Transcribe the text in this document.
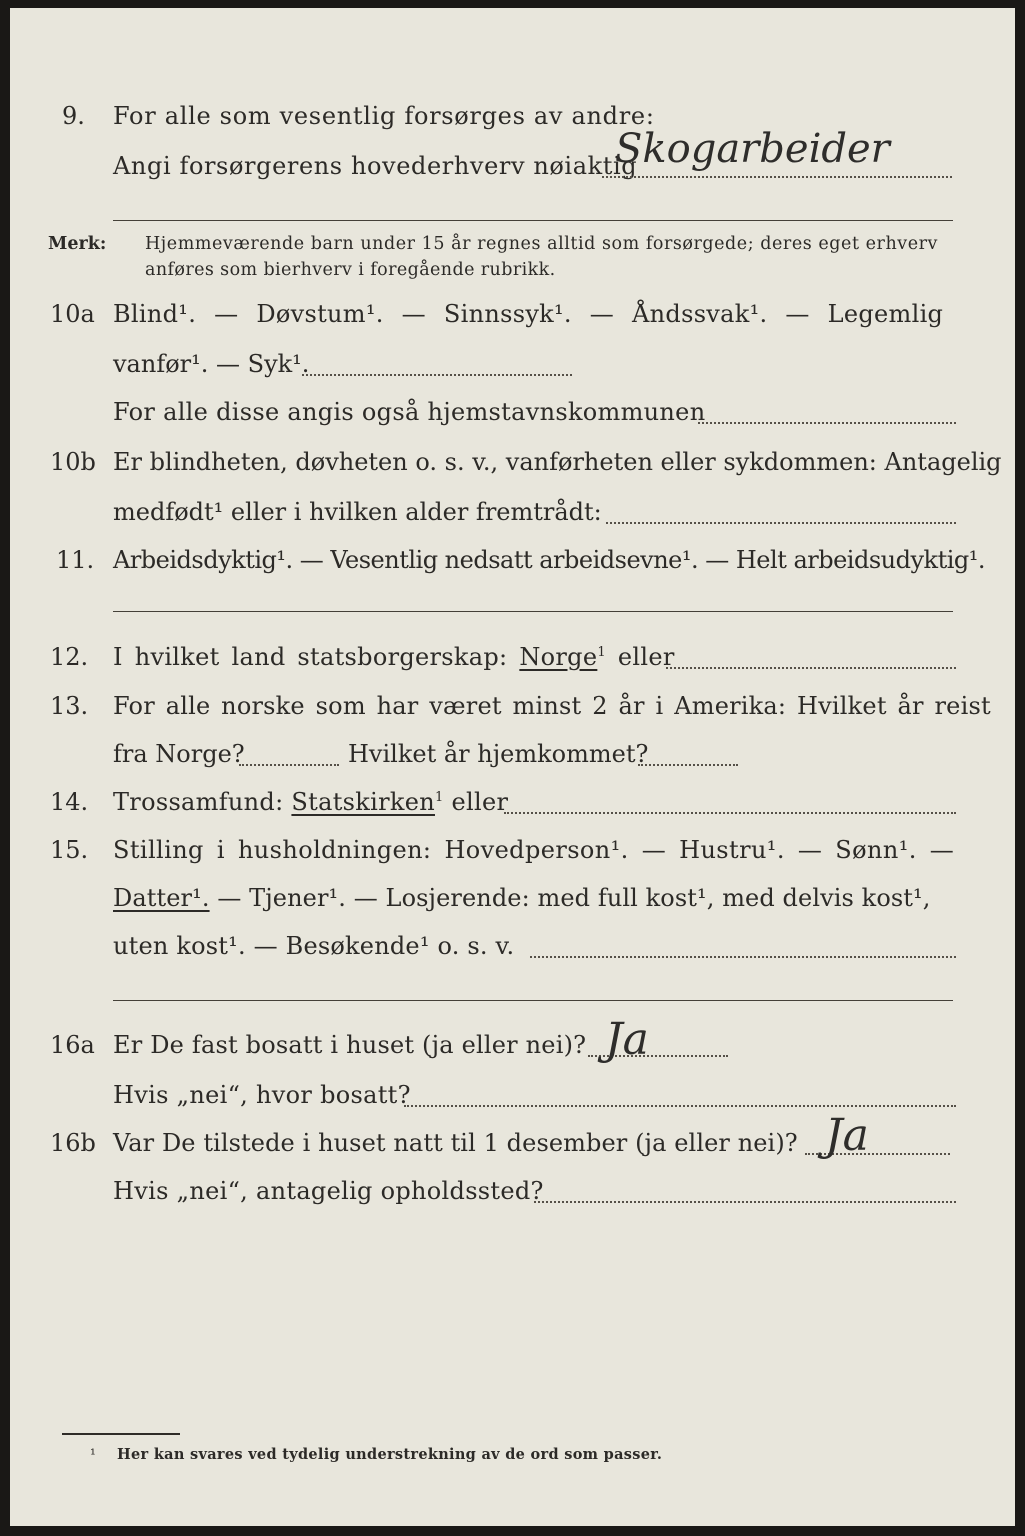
9. For alle som vesentlig forsørges av andre:
Angi forsørgerens hovederhverv nøiaktig
Skogarbeider
Merk: Hjemmeværende barn under 15 år regnes alltid som forsørgede; deres eget erhverv
anføres som bierhverv i foregående rubrikk.
10a Blind¹. — Døvstum¹. — Sinnssyk¹. — Åndssvak¹. — Legemlig
vanfør¹. — Syk¹.
For alle disse angis også hjemstavnskommunen
10b Er blindheten, døvheten o. s. v., vanførheten eller sykdommen: Antagelig
medfødt¹ eller i hvilken alder fremtrådt:
11. Arbeidsdyktig¹. — Vesentlig nedsatt arbeidsevne¹. — Helt arbeidsudyktig¹.
12. I hvilket land statsborgerskap: Norge$^1$ eller
13. For alle norske som har været minst 2 år i Amerika: Hvilket år reist
fra Norge?	Hvilket år hjemkommet?
14. Trossamfund: Statskirken$^1$ eller
15. Stilling i husholdningen: Hovedperson¹. — Hustru¹. — Sønn¹. —
Datter¹. — Tjener¹. — Losjerende: med full kost¹, med delvis kost¹,
uten kost¹. — Besøkende¹ o. s. v.
16a Er De fast bosatt i huset (ja eller nei)? Ja
Hvis „nei“, hvor bosatt?
16b Var De tilstede i huset natt til 1 desember (ja eller nei)? Ja
Hvis „nei“, antagelig opholdssted?
¹ Her kan svares ved tydelig understrekning av de ord som passer.
